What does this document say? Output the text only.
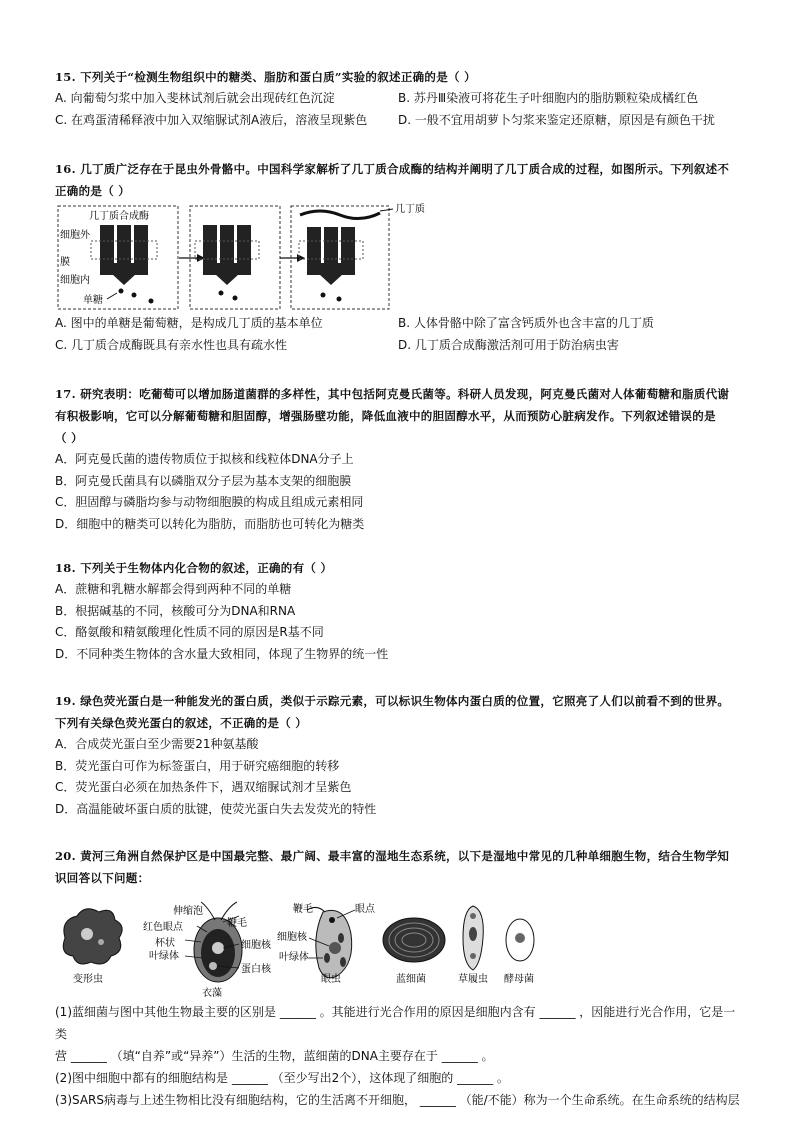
15. 下列关于“检测生物组织中的糖类、脂肪和蛋白质”实验的叙述正确的是（ ）
A. 向葡萄匀浆中加入斐林试剂后就会出现砖红色沉淀	B. 苏丹Ⅲ染液可将花生子叶细胞内的脂肪颗粒染成橘红色
C. 在鸡蛋清稀释液中加入双缩脲试剂A液后，溶液呈现紫色	D. 一般不宜用胡萝卜匀浆来鉴定还原糖，原因是有颜色干扰
16. 几丁质广泛存在于昆虫外骨骼中。中国科学家解析了几丁质合成酶的结构并阐明了几丁质合成的过程，如图所示。下列叙述不
正确的是（ ）
几丁质合成酶
细胞外
膜
细胞内
单糖
几丁质
A. 图中的单糖是葡萄糖，是构成几丁质的基本单位	B. 人体骨骼中除了富含钙质外也含丰富的几丁质
C. 几丁质合成酶既具有亲水性也具有疏水性	D. 几丁质合成酶激活剂可用于防治病虫害
17. 研究表明：吃葡萄可以增加肠道菌群的多样性，其中包括阿克曼氏菌等。科研人员发现，阿克曼氏菌对人体葡萄糖和脂质代谢
有积极影响，它可以分解葡萄糖和胆固醇，增强肠壁功能，降低血液中的胆固醇水平，从而预防心脏病发作。下列叙述错误的是
（ ）
A．阿克曼氏菌的遗传物质位于拟核和线粒体DNA分子上
B．阿克曼氏菌具有以磷脂双分子层为基本支架的细胞膜
C．胆固醇与磷脂均参与动物细胞膜的构成且组成元素相同
D．细胞中的糖类可以转化为脂肪，而脂肪也可转化为糖类
18. 下列关于生物体内化合物的叙述，正确的有（ ）
A．蔗糖和乳糖水解都会得到两种不同的单糖
B．根据碱基的不同，核酸可分为DNA和RNA
C．酪氨酸和精氨酸理化性质不同的原因是R基不同
D．不同种类生物体的含水量大致相同，体现了生物界的统一性
19. 绿色荧光蛋白是一种能发光的蛋白质，类似于示踪元素，可以标识生物体内蛋白质的位置，它照亮了人们以前看不到的世界。
下列有关绿色荧光蛋白的叙述，不正确的是（ ）
A．合成荧光蛋白至少需要21种氨基酸
B．荧光蛋白可作为标签蛋白，用于研究癌细胞的转移
C．荧光蛋白必须在加热条件下，遇双缩脲试剂才呈紫色
D．高温能破坏蛋白质的肽键，使荧光蛋白失去发荧光的特性
20. 黄河三角洲自然保护区是中国最完整、最广阔、最丰富的湿地生态系统，以下是湿地中常见的几种单细胞生物，结合生物学知
识回答以下问题：
变形虫
伸缩泡
鞭毛
红色眼点
杯状
叶绿体
细胞核
蛋白核
衣藻
鞭毛	眼点
细胞核
叶绿体
眼虫	蓝细菌	草履虫 酵母菌
(1)蓝细菌与图中其他生物最主要的区别是 ______ 。其能进行光合作用的原因是细胞内含有 ______ ，因能进行光合作用，它是一类
营 ______ （填“自养”或“异养”）生活的生物，蓝细菌的DNA主要存在于 ______ 。
(2)图中细胞中都有的细胞结构是 ______ （至少写出2个），这体现了细胞的 ______ 。
(3)SARS病毒与上述生物相比没有细胞结构，它的生活离不开细胞， ______ （能/不能）称为一个生命系统。在生命系统的结构层
